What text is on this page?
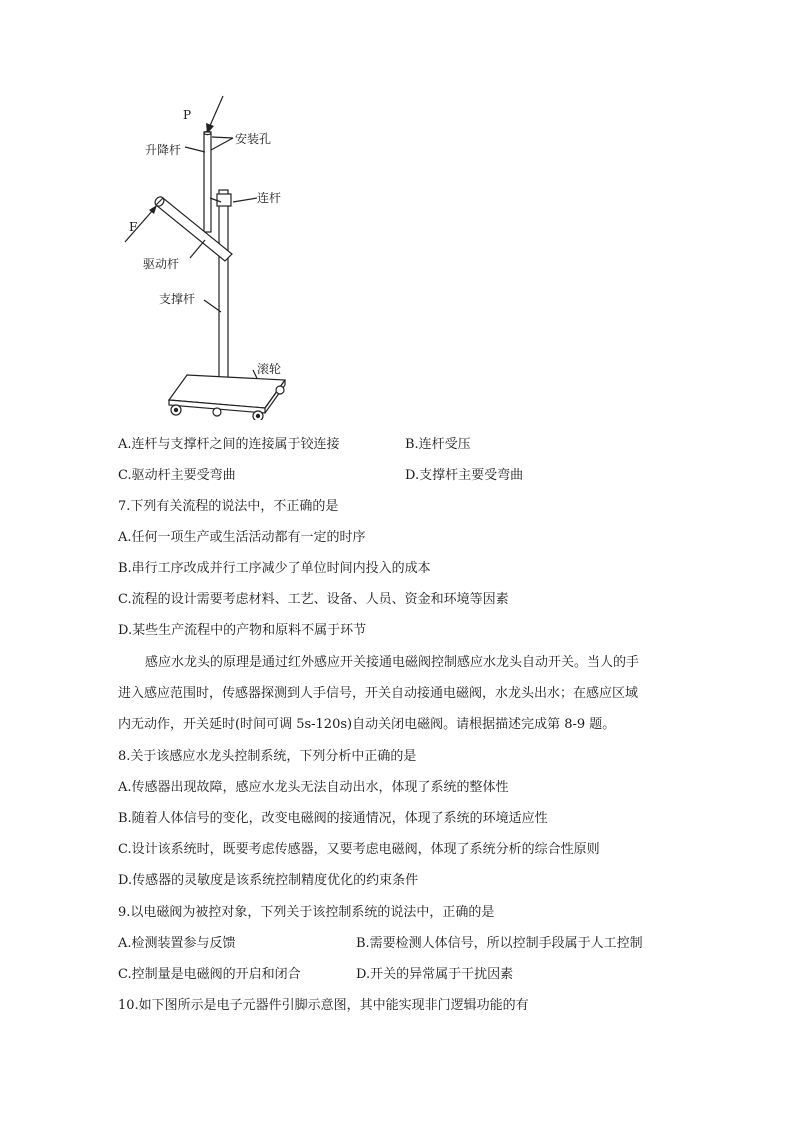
P
安装孔
升降杆
连杆
F
驱动杆
支撑杆
滚轮
A.连杆与支撑杆之间的连接属于铰连接	B.连杆受压
C.驱动杆主要受弯曲	D.支撑杆主要受弯曲
7.下列有关流程的说法中，不正确的是
A.任何一项生产或生活活动都有一定的时序
B.串行工序改成并行工序减少了单位时间内投入的成本
C.流程的设计需要考虑材料、工艺、设备、人员、资金和环境等因素
D.某些生产流程中的产物和原料不属于环节
感应水龙头的原理是通过红外感应开关接通电磁阀控制感应水龙头自动开关。当人的手
进入感应范围时，传感器探测到人手信号，开关自动接通电磁阀，水龙头出水；在感应区域
内无动作，开关延时(时间可调 5s-120s)自动关闭电磁阀。请根据描述完成第 8-9 题。
8.关于该感应水龙头控制系统，下列分析中正确的是
A.传感器出现故障，感应水龙头无法自动出水，体现了系统的整体性
B.随着人体信号的变化，改变电磁阀的接通情况，体现了系统的环境适应性
C.设计该系统时，既要考虑传感器，又要考虑电磁阀，体现了系统分析的综合性原则
D.传感器的灵敏度是该系统控制精度优化的约束条件
9.以电磁阀为被控对象，下列关于该控制系统的说法中，正确的是
A.检测装置参与反馈	B.需要检测人体信号，所以控制手段属于人工控制
C.控制量是电磁阀的开启和闭合	D.开关的异常属于干扰因素
10.如下图所示是电子元器件引脚示意图，其中能实现非门逻辑功能的有
